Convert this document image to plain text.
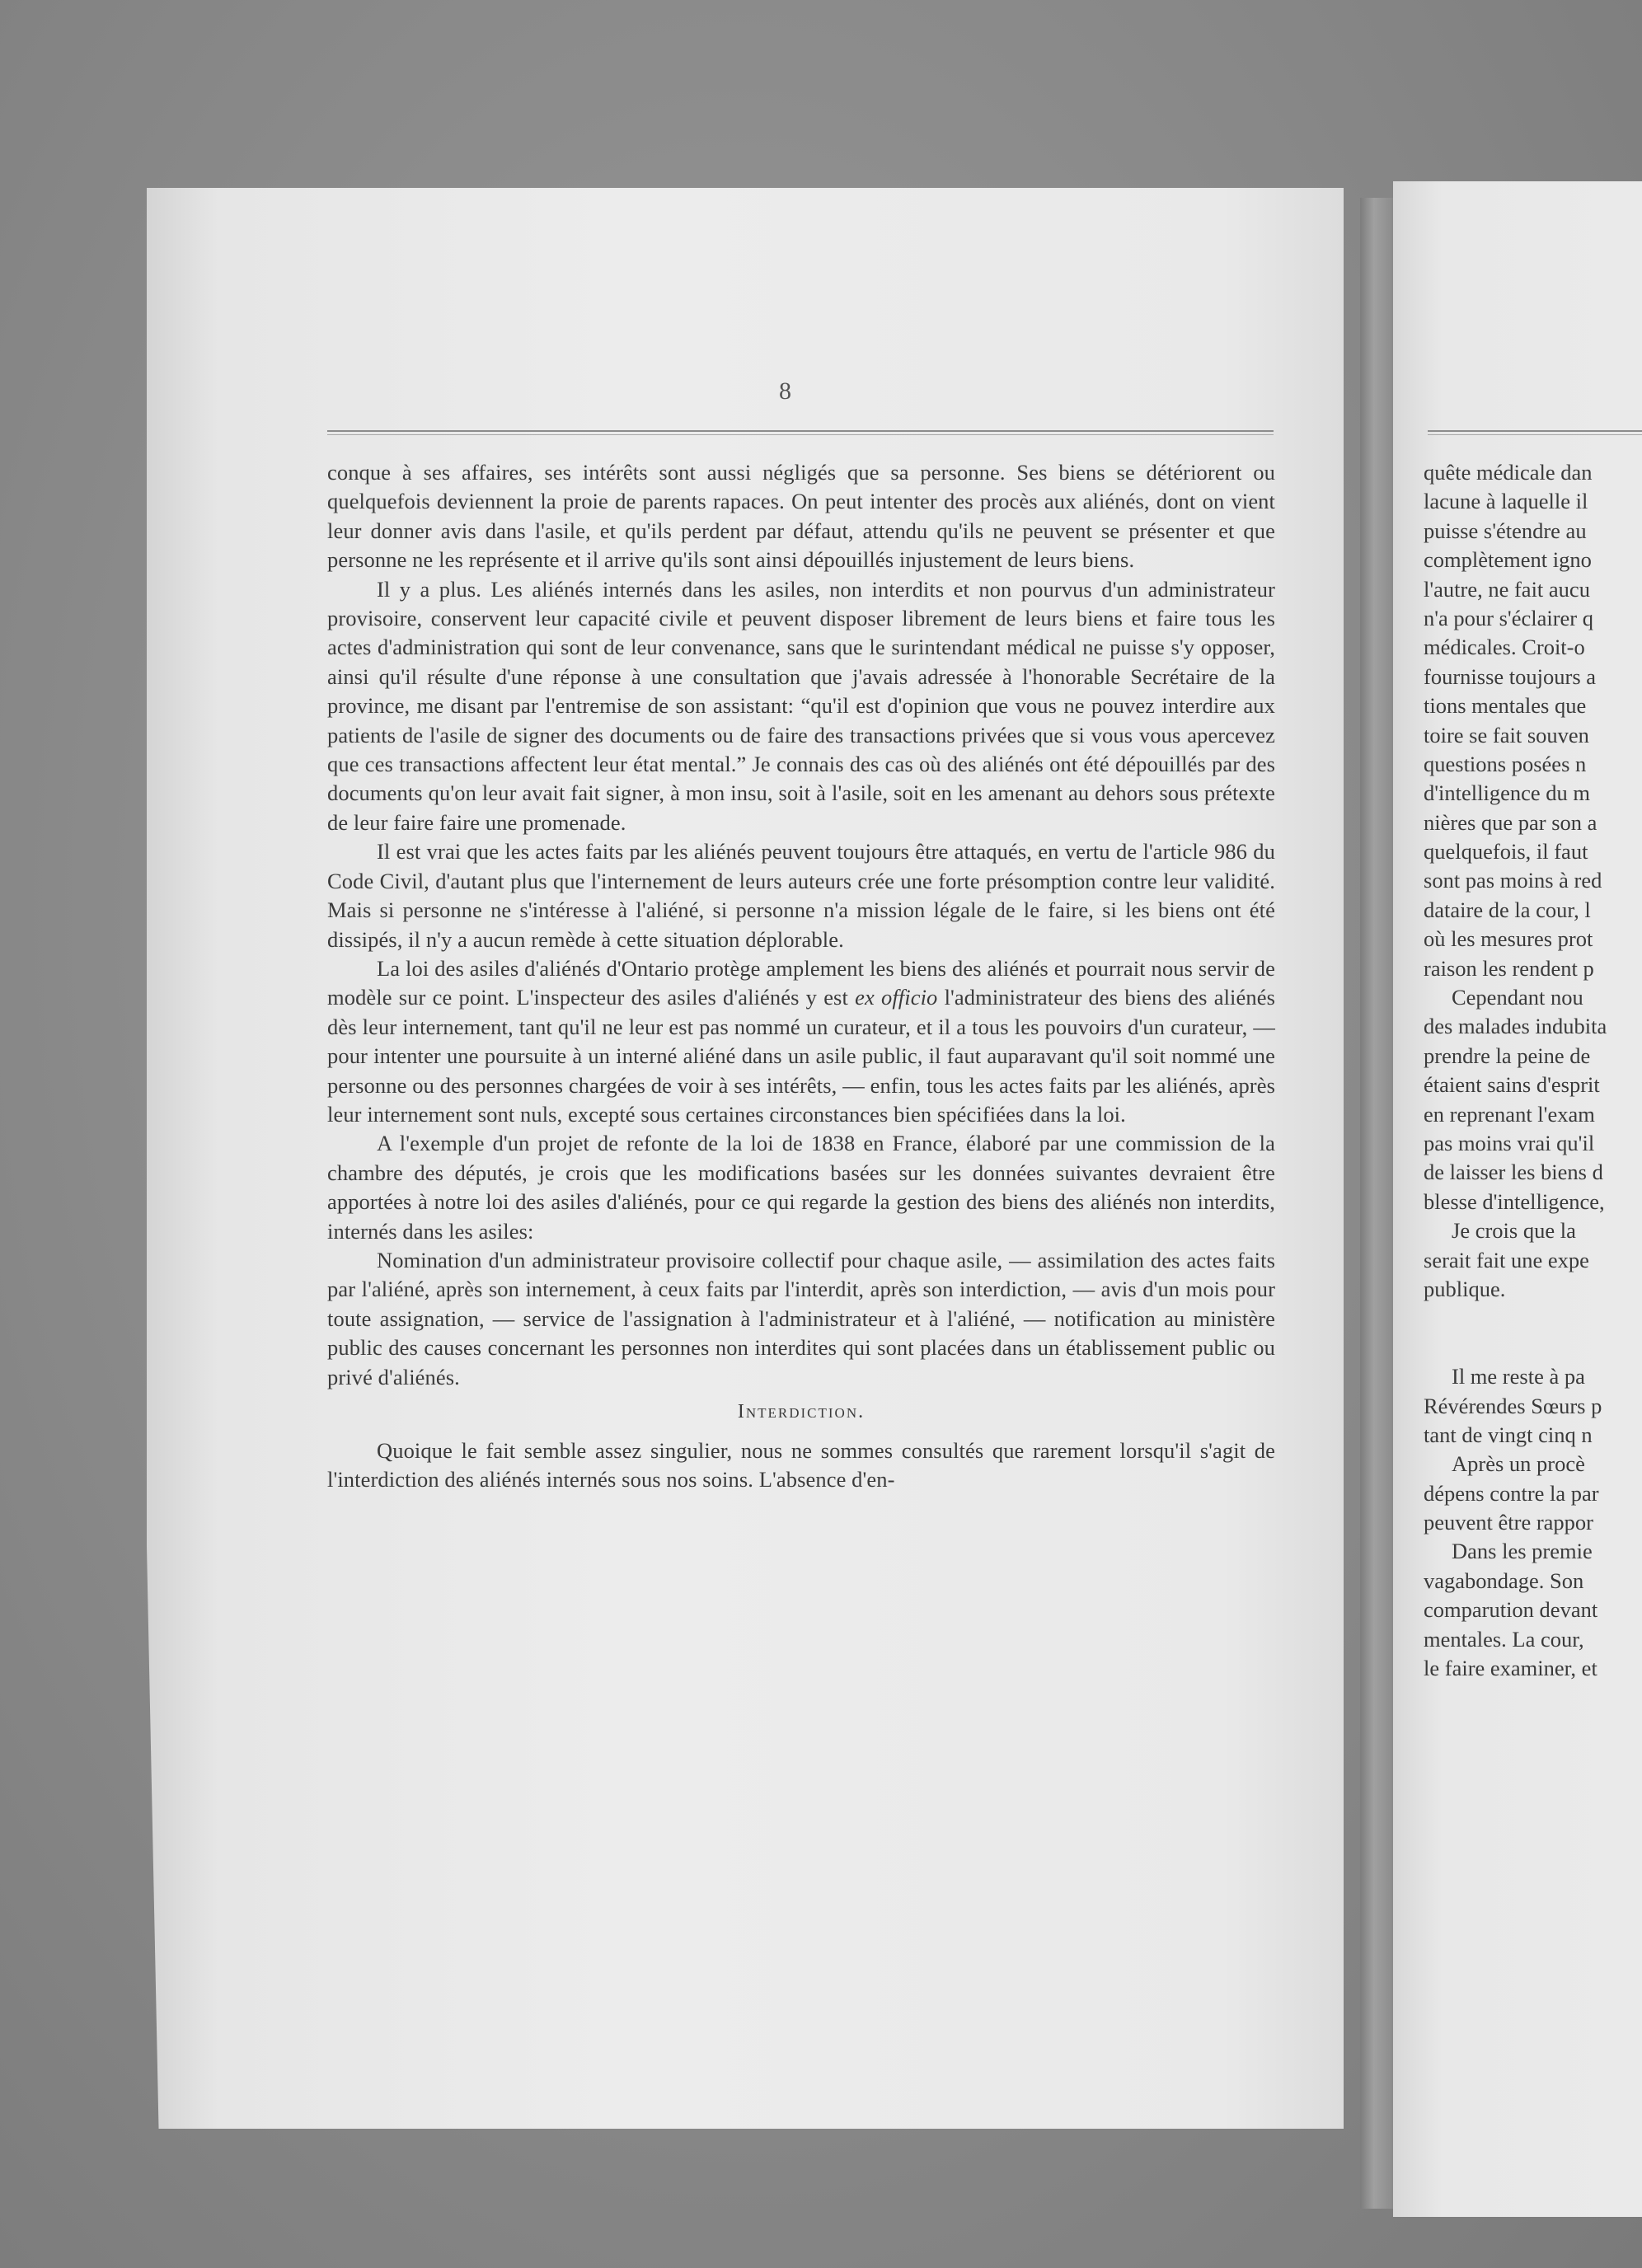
8

conque à ses affaires, ses intérêts sont aussi négligés que sa personne. Ses biens se détériorent ou quelquefois deviennent la proie de parents rapaces. On peut intenter des procès aux aliénés, dont on vient leur donner avis dans l'asile, et qu'ils perdent par défaut, attendu qu'ils ne peuvent se présenter et que personne ne les représente et il arrive qu'ils sont ainsi dépouillés injustement de leurs biens.

Il y a plus. Les aliénés internés dans les asiles, non interdits et non pourvus d'un administrateur provisoire, conservent leur capacité civile et peuvent disposer librement de leurs biens et faire tous les actes d'administration qui sont de leur convenance, sans que le surintendant médical ne puisse s'y opposer, ainsi qu'il résulte d'une réponse à une consultation que j'avais adressée à l'honorable Secrétaire de la province, me disant par l'entremise de son assistant: “qu'il est d'opinion que vous ne pouvez interdire aux patients de l'asile de signer des documents ou de faire des transactions privées que si vous vous apercevez que ces transactions affectent leur état mental.” Je connais des cas où des aliénés ont été dépouillés par des documents qu'on leur avait fait signer, à mon insu, soit à l'asile, soit en les amenant au dehors sous prétexte de leur faire faire une promenade.

Il est vrai que les actes faits par les aliénés peuvent toujours être attaqués, en vertu de l'article 986 du Code Civil, d'autant plus que l'internement de leurs auteurs crée une forte présomption contre leur validité. Mais si personne ne s'intéresse à l'aliéné, si personne n'a mission légale de le faire, si les biens ont été dissipés, il n'y a aucun remède à cette situation déplorable.

La loi des asiles d'aliénés d'Ontario protège amplement les biens des aliénés et pourrait nous servir de modèle sur ce point. L'inspecteur des asiles d'aliénés y est ex officio l'administrateur des biens des aliénés dès leur internement, tant qu'il ne leur est pas nommé un curateur, et il a tous les pouvoirs d'un curateur, — pour intenter une poursuite à un interné aliéné dans un asile public, il faut auparavant qu'il soit nommé une personne ou des personnes chargées de voir à ses intérêts, — enfin, tous les actes faits par les aliénés, après leur internement sont nuls, excepté sous certaines circonstances bien spécifiées dans la loi.

A l'exemple d'un projet de refonte de la loi de 1838 en France, élaboré par une commission de la chambre des députés, je crois que les modifications basées sur les données suivantes devraient être apportées à notre loi des asiles d'aliénés, pour ce qui regarde la gestion des biens des aliénés non interdits, internés dans les asiles:

Nomination d'un administrateur provisoire collectif pour chaque asile, — assimilation des actes faits par l'aliéné, après son internement, à ceux faits par l'interdit, après son interdiction, — avis d'un mois pour toute assignation, — service de l'assignation à l'administrateur et à l'aliéné, — notification au ministère public des causes concernant les personnes non interdites qui sont placées dans un établissement public ou privé d'aliénés.

Interdiction.

Quoique le fait semble assez singulier, nous ne sommes consultés que rarement lorsqu'il s'agit de l'interdiction des aliénés internés sous nos soins. L'absence d'en-

quête médicale dan
lacune à laquelle il
puisse s'étendre au
complètement igno
l'autre, ne fait aucu
n'a pour s'éclairer q
médicales. Croit-o
fournisse toujours a
tions mentales que
toire se fait souven
questions posées n
d'intelligence du m
nières que par son a
quelquefois, il faut
sont pas moins à red
dataire de la cour, l
où les mesures prot
raison les rendent p
Cependant nou
des malades indubita
prendre la peine de
étaient sains d'esprit
en reprenant l'exam
pas moins vrai qu'il
de laisser les biens d
blesse d'intelligence,
Je crois que la
serait fait une expe
publique.
Il me reste à pa
Révérendes Sœurs p
tant de vingt cinq n
Après un procè
dépens contre la par
peuvent être rappor
Dans les premie
vagabondage. Son
comparution devant
mentales. La cour,
le faire examiner, et
